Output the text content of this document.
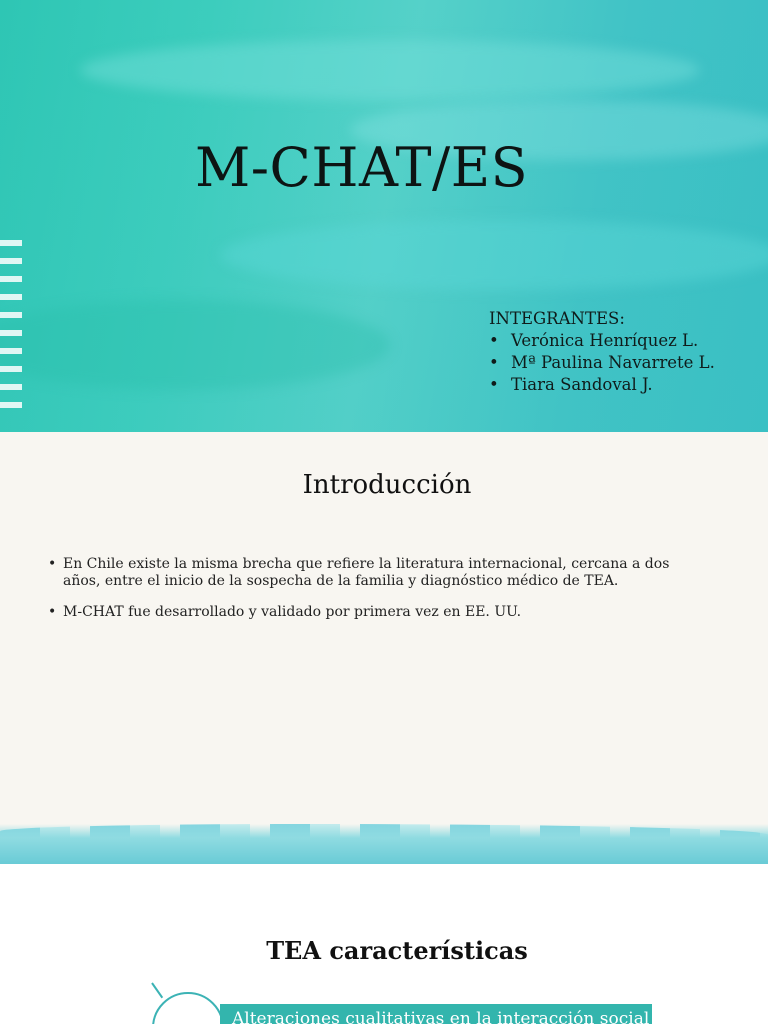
M-CHAT/ES
INTEGRANTES:
• Verónica Henríquez L.
• Mª Paulina Navarrete L.
• Tiara Sandoval J.
Introducción
• En Chile existe la misma brecha que refiere la literatura internacional, cercana a dos años, entre el inicio de la sospecha de la familia y diagnóstico médico de TEA.
• M-CHAT fue desarrollado y validado por primera vez en EE. UU.
TEA características
Alteraciones cualitativas en la interacción social
